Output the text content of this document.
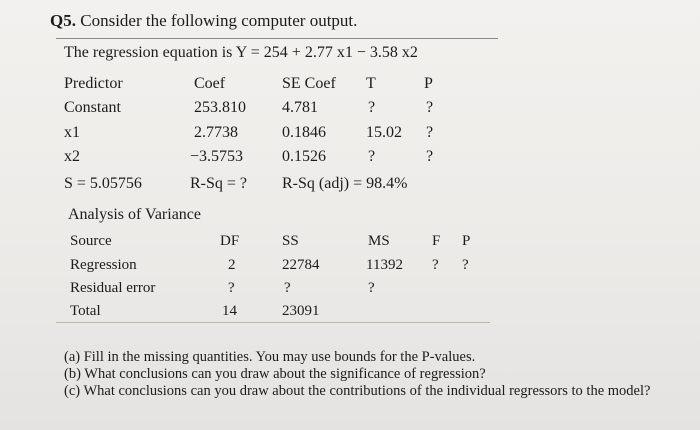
Q5. Consider the following computer output.
The regression equation is Y = 254 + 2.77 x1 − 3.58 x2
Predictor	Coef	SE Coef T	P
Constant	253.810 4.781	?	?
x1	2.7738	0.1846	15.02 ?
x2	−3.5753 0.1526	?	?
S = 5.05756	R-Sq = ? R-Sq (adj) = 98.4%
Analysis of Variance
Source	DF	SS	MS	F P
Regression	2	22784	11392 ? ?
Residual error	?	?	?
Total	14	23091
(a) Fill in the missing quantities. You may use bounds for the P-values.
(b) What conclusions can you draw about the significance of regression?
(c) What conclusions can you draw about the contributions of the individual regressors to the model?
